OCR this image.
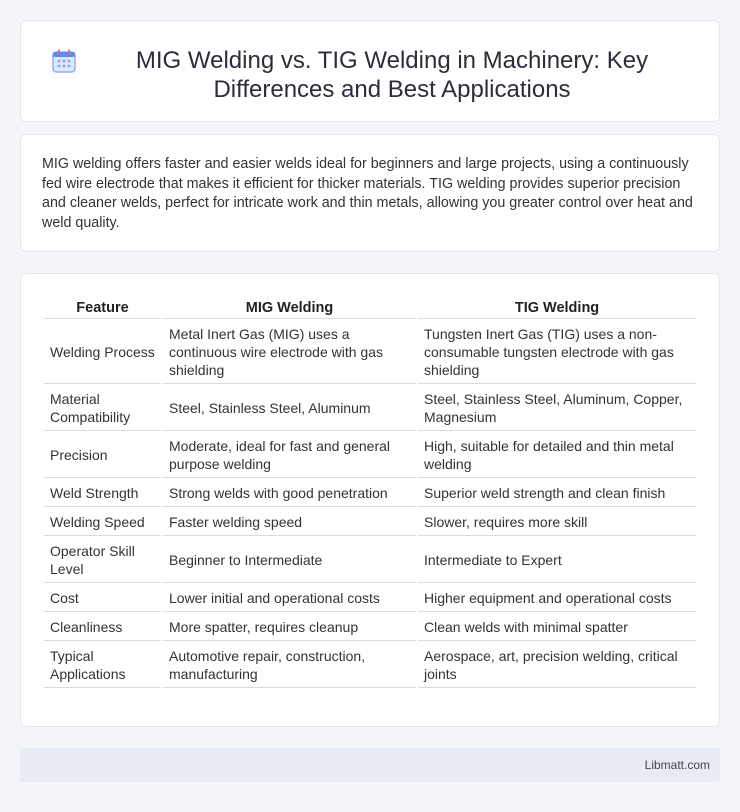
MIG Welding vs. TIG Welding in Machinery: Key Differences and Best Applications

MIG welding offers faster and easier welds ideal for beginners and large projects, using a continuously fed wire electrode that makes it efficient for thicker materials. TIG welding provides superior precision and cleaner welds, perfect for intricate work and thin metals, allowing you greater control over heat and weld quality.

Feature	MIG Welding	TIG Welding
Welding Process	Metal Inert Gas (MIG) uses a continuous wire electrode with gas shielding	Tungsten Inert Gas (TIG) uses a non-consumable tungsten electrode with gas shielding
Material Compatibility	Steel, Stainless Steel, Aluminum	Steel, Stainless Steel, Aluminum, Copper, Magnesium
Precision	Moderate, ideal for fast and general purpose welding	High, suitable for detailed and thin metal welding
Weld Strength	Strong welds with good penetration	Superior weld strength and clean finish
Welding Speed	Faster welding speed	Slower, requires more skill
Operator Skill Level	Beginner to Intermediate	Intermediate to Expert
Cost	Lower initial and operational costs	Higher equipment and operational costs
Cleanliness	More spatter, requires cleanup	Clean welds with minimal spatter
Typical Applications	Automotive repair, construction, manufacturing	Aerospace, art, precision welding, critical joints
Libmatt.com
